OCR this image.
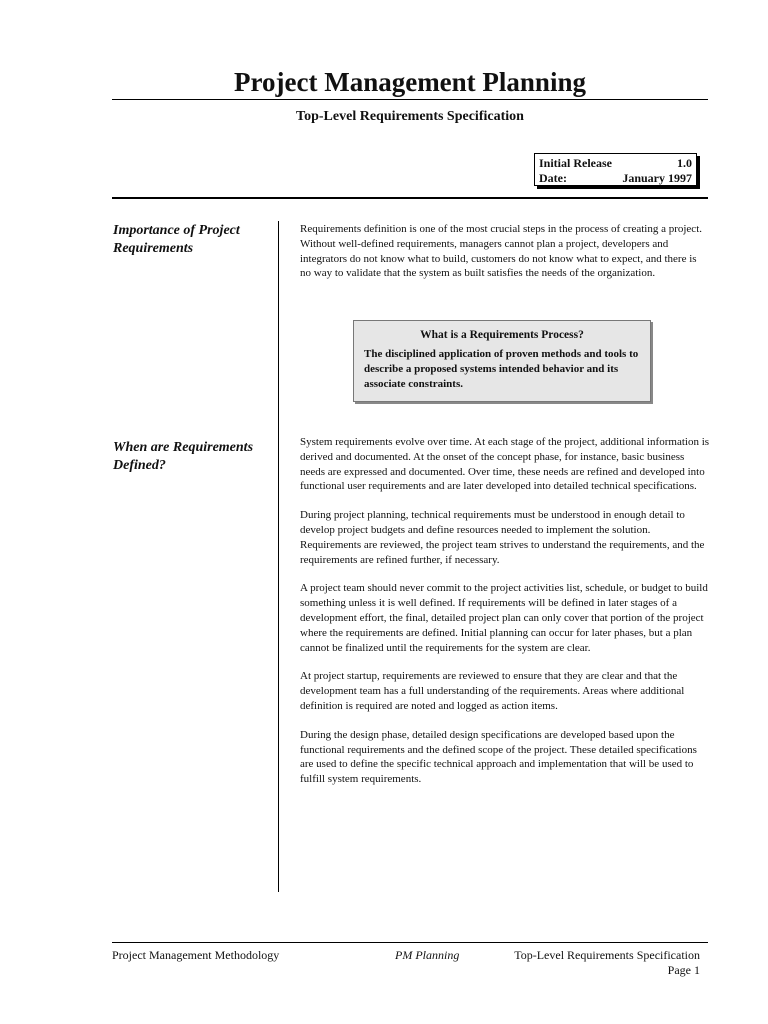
Project Management Planning
Top-Level Requirements Specification
Initial Release	1.0
Date:	January 1997
Importance of Project Requirements

Requirements definition is one of the most crucial steps in the process of creating a project. Without well-defined requirements, managers cannot plan a project, developers and integrators do not know what to build, customers do not know what to expect, and there is no way to validate that the system as built satisfies the needs of the organization.

What is a Requirements Process?
The disciplined application of proven methods and tools to describe a proposed systems intended behavior and its associate constraints.
When are Requirements Defined?

System requirements evolve over time. At each stage of the project, additional information is derived and documented. At the onset of the concept phase, for instance, basic business needs are expressed and documented. Over time, these needs are refined and developed into functional user requirements and are later developed into detailed technical specifications.

During project planning, technical requirements must be understood in enough detail to develop project budgets and define resources needed to implement the solution. Requirements are reviewed, the project team strives to understand the requirements, and the requirements are refined further, if necessary.

A project team should never commit to the project activities list, schedule, or budget to build something unless it is well defined. If requirements will be defined in later stages of a development effort, the final, detailed project plan can only cover that portion of the project where the requirements are defined. Initial planning can occur for later phases, but a plan cannot be finalized until the requirements for the system are clear.

At project startup, requirements are reviewed to ensure that they are clear and that the development team has a full understanding of the requirements. Areas where additional definition is required are noted and logged as action items.

During the design phase, detailed design specifications are developed based upon the functional requirements and the defined scope of the project. These detailed specifications are used to define the specific technical approach and implementation that will be used to fulfill system requirements.

Project Management Methodology	PM Planning	Top-Level Requirements Specification
Page 1
